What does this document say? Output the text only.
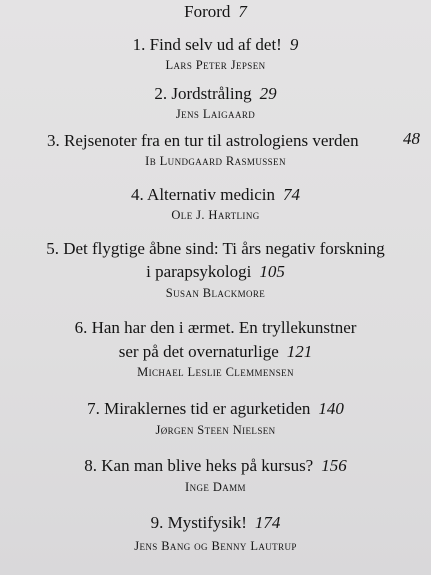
Forord 7
1. Find selv ud af det! 9
Lars Peter Jepsen
2. Jordstråling 29
Jens Laigaard
3. Rejsenoter fra en tur til astrologiens verden	48
Ib Lundgaard Rasmussen
4. Alternativ medicin 74
Ole J. Hartling
5. Det flygtige åbne sind: Ti års negativ forskning
i parapsykologi 105
Susan Blackmore
6. Han har den i ærmet. En tryllekunstner
ser på det overnaturlige 121
Michael Leslie Clemmensen
7. Miraklernes tid er agurketiden 140
Jørgen Steen Nielsen
8. Kan man blive heks på kursus? 156
Inge Damm
9. Mystifysik! 174
Jens Bang og Benny Lautrup
